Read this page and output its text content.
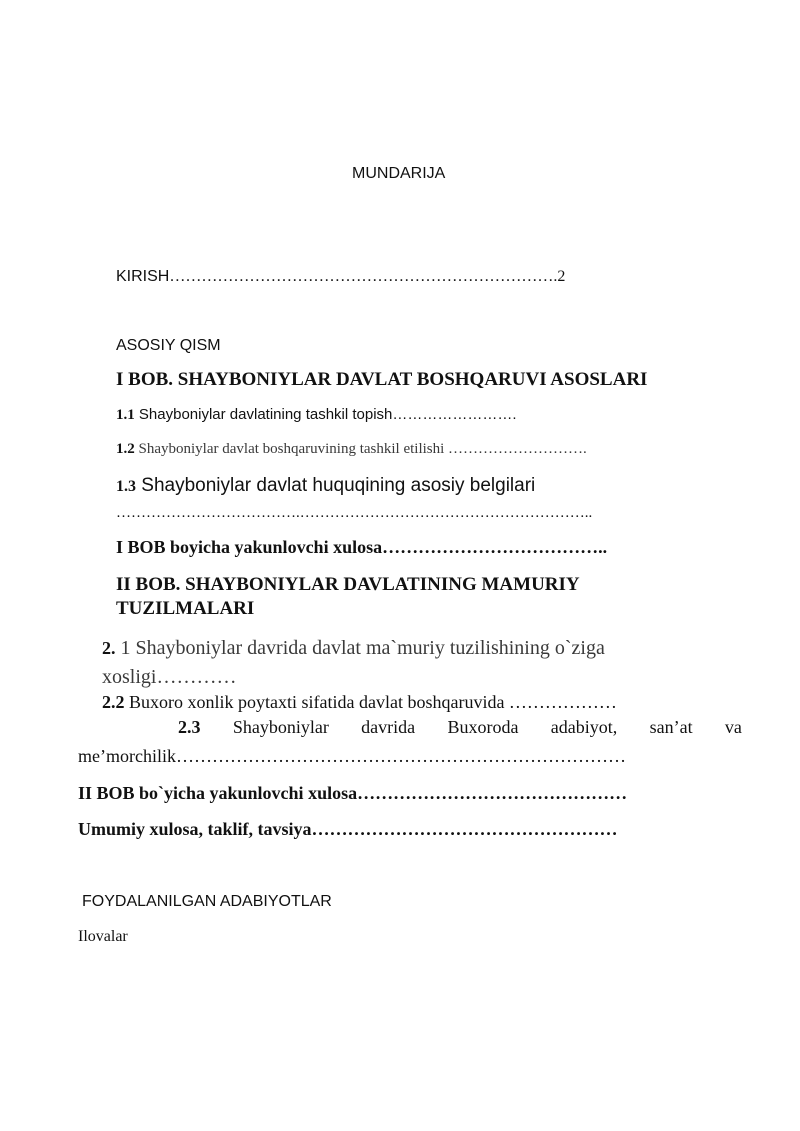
MUNDARIJA
KIRISH……………………………………………………………….2
ASOSIY QISM
I BOB. SHAYBONIYLAR DAVLAT BOSHQARUVI ASOSLARI
1.1 Shayboniylar davlatining tashkil topish…………………….
1.2 Shayboniylar davlat boshqaruvining tashkil etilishi ……………………….
1.3 Shayboniylar davlat huquqining asosiy belgilari
……………………………….…………………………………………………..
I BOB boyicha yakunlovchi xulosa………………………………..
II BOB. SHAYBONIYLAR DAVLATINING MAMURIY
TUZILMALARI
2. 1 Shayboniylar davrida davlat ma`muriy tuzilishining o`ziga
xosligi…………
2.2 Buxoro xonlik poytaxti sifatida davlat boshqaruvida ………………
2.3 Shayboniylar davrida Buxoroda adabiyot, san’at va
me’morchilik…………………………………………………………………
II BOB bo`yicha yakunlovchi xulosa………………………………………
Umumiy xulosa, taklif, tavsiya……………………………………………
FOYDALANILGAN ADABIYOTLAR
Ilovalar
